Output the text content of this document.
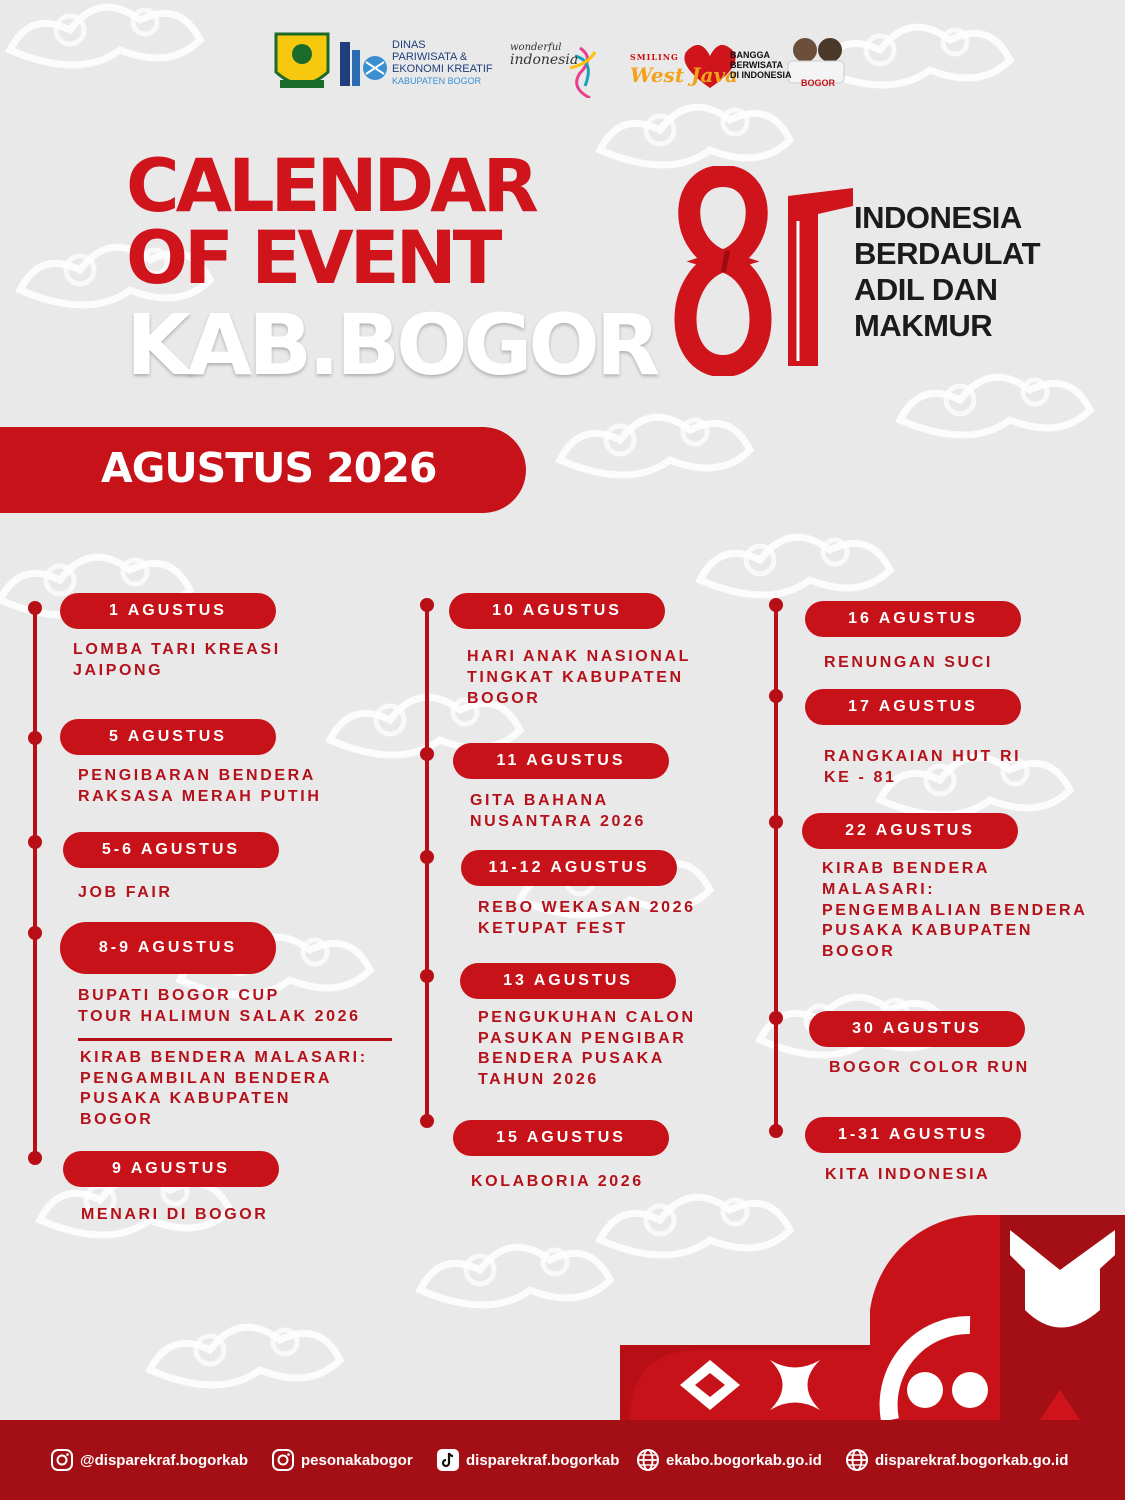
DINAS
PARIWISATA &
EKONOMI KREATIF
KABUPATEN BOGOR
wonderful
indonesia	SMILING
West Java
BANGGA
BERWISATA
DI INDONESIA
BOGOR
CALENDAR
OF EVENT
KAB.BOGOR
INDONESIA
BERDAULAT
ADIL DAN
MAKMUR
AGUSTUS 2026
1 AGUSTUS
LOMBA TARI KREASI
JAIPONG
5 AGUSTUS
PENGIBARAN BENDERA
RAKSASA MERAH PUTIH
5-6 AGUSTUS
JOB FAIR
8-9 AGUSTUS
BUPATI BOGOR CUP
TOUR HALIMUN SALAK 2026
KIRAB BENDERA MALASARI:
PENGAMBILAN BENDERA
PUSAKA KABUPATEN
BOGOR
9 AGUSTUS
MENARI DI BOGOR
10 AGUSTUS
HARI ANAK NASIONAL
TINGKAT KABUPATEN
BOGOR
11 AGUSTUS
GITA BAHANA
NUSANTARA 2026
11-12 AGUSTUS
REBO WEKASAN 2026
KETUPAT FEST
13 AGUSTUS
PENGUKUHAN CALON
PASUKAN PENGIBAR
BENDERA PUSAKA
TAHUN 2026
15 AGUSTUS
KOLABORIA 2026
16 AGUSTUS
RENUNGAN SUCI
17 AGUSTUS
RANGKAIAN HUT RI
KE - 81
22 AGUSTUS
KIRAB BENDERA
MALASARI:
PENGEMBALIAN BENDERA
PUSAKA KABUPATEN
BOGOR
30 AGUSTUS
BOGOR COLOR RUN
1-31 AGUSTUS
KITA INDONESIA
@disparekraf.bogorkab	pesonakabogor	disparekraf.bogorkab	ekabo.bogorkab.go.id	disparekraf.bogorkab.go.id
